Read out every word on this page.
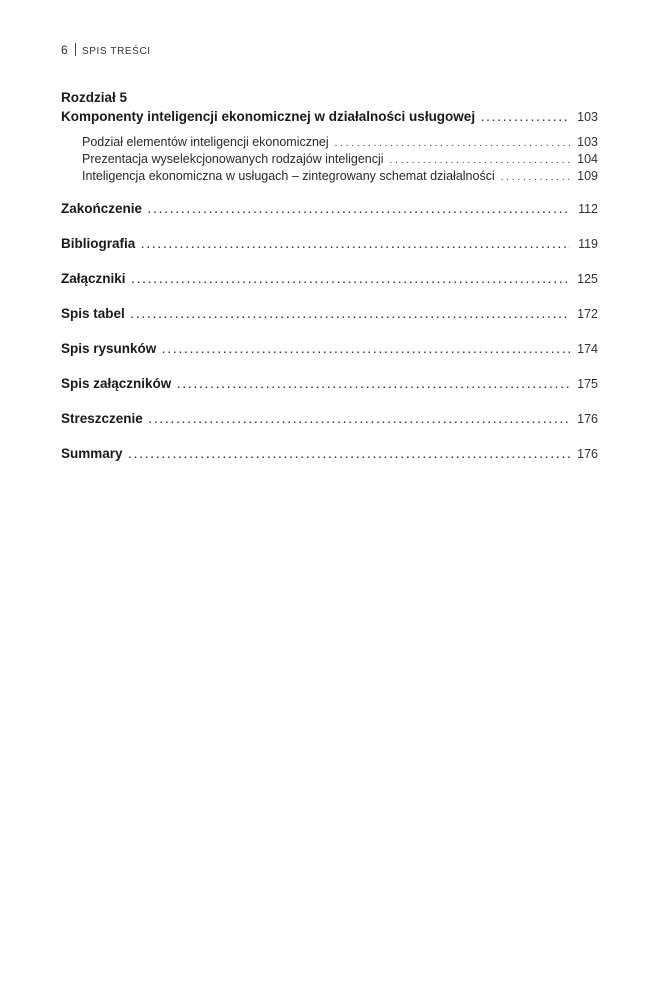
6 SPIS TREŚCI
Rozdział 5
Komponenty inteligencji ekonomicznej w działalności usługowej . . .	103
Podział elementów inteligencji ekonomicznej . . .	103
Prezentacja wyselekcjonowanych rodzajów inteligencji . . .	104
Inteligencja ekonomiczna w usługach – zintegrowany schemat działalności . . .	109
Zakończenie . . .	112
Bibliografia . . .	119
Załączniki . . .	125
Spis tabel . . .	172
Spis rysunków . . .	174
Spis załączników . . .	175
Streszczenie . . .	176
Summary . . .	176
